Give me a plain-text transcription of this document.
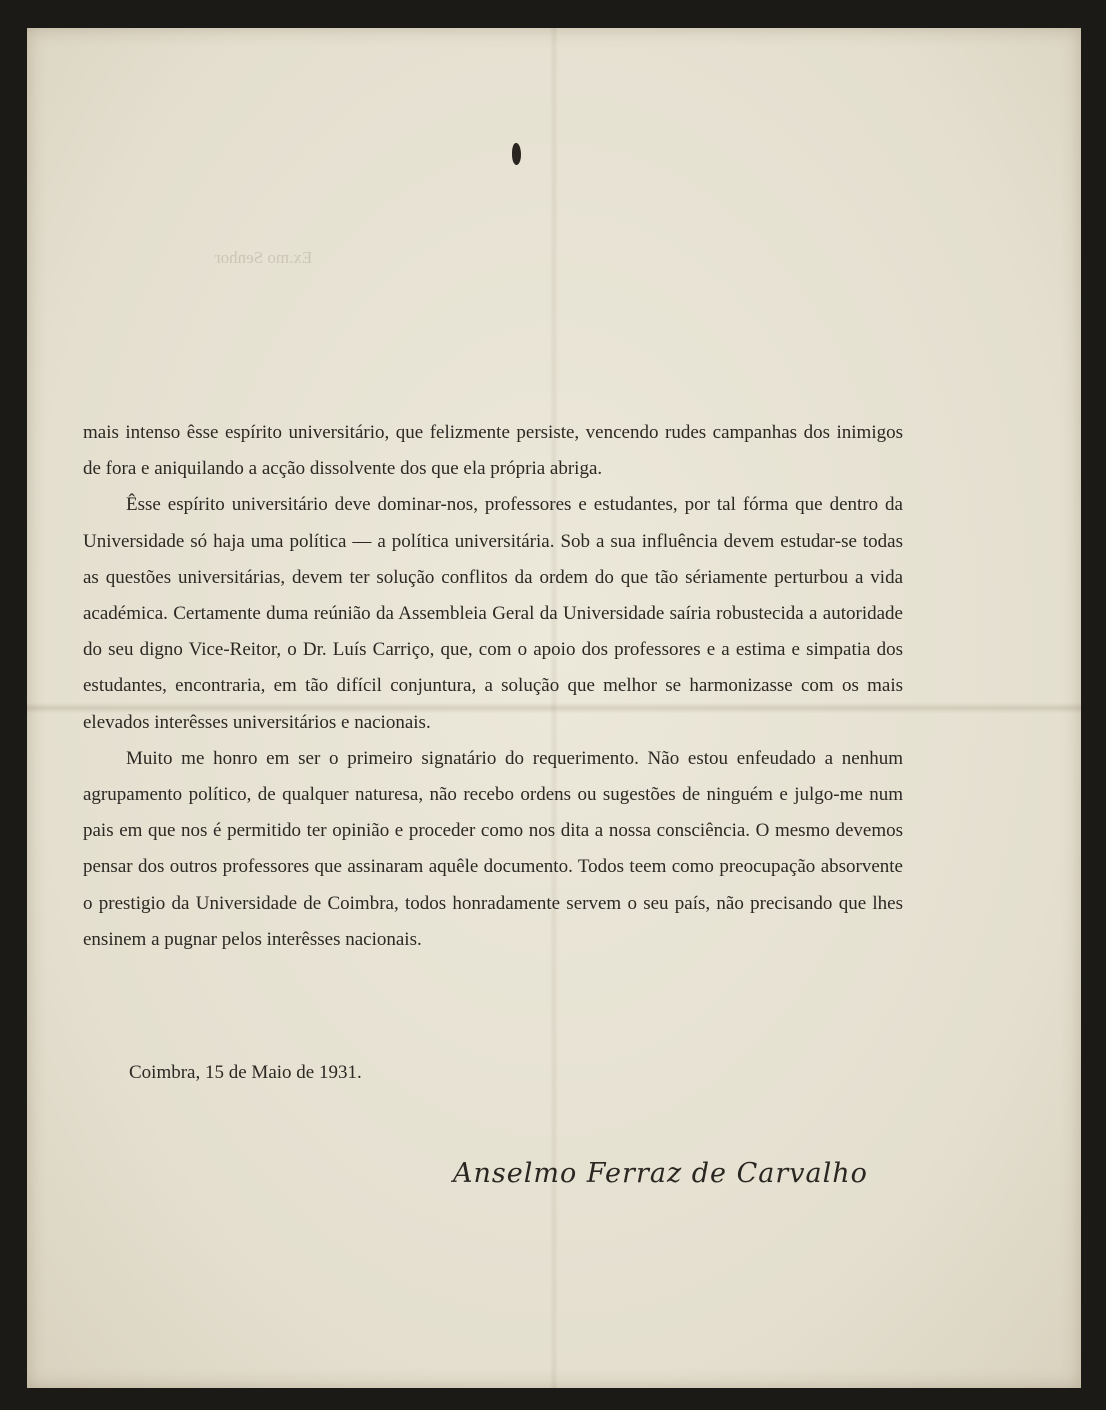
Ex.mo Senhor

mais intenso êsse espírito universitário, que felizmente persiste, vencendo rudes campanhas dos inimigos de fora e aniquilando a acção dissolvente dos que ela própria abriga.

Êsse espírito universitário deve dominar-nos, professores e estudantes, por tal fórma que dentro da Universidade só haja uma política — a política universitária. Sob a sua influência devem estudar-se todas as questões universitárias, devem ter solução conflitos da ordem do que tão sériamente perturbou a vida académica. Certamente duma reúnião da Assembleia Geral da Universidade saíria robustecida a autoridade do seu digno Vice-Reitor, o Dr. Luís Carriço, que, com o apoio dos professores e a estima e simpatia dos estudantes, encontraria, em tão difícil conjuntura, a solução que melhor se harmonizasse com os mais elevados interêsses universitários e nacionais.

Muito me honro em ser o primeiro signatário do requerimento. Não estou enfeudado a nenhum agrupamento político, de qualquer naturesa, não recebo ordens ou sugestões de ninguém e julgo-me num pais em que nos é permitido ter opinião e proceder como nos dita a nossa consciência. O mesmo devemos pensar dos outros professores que assinaram aquêle documento. Todos teem como preocupação absorvente o prestigio da Universidade de Coimbra, todos honradamente servem o seu país, não precisando que lhes ensinem a pugnar pelos interêsses nacionais.

Coimbra, 15 de Maio de 1931.
Anselmo Ferraz de Carvalho
